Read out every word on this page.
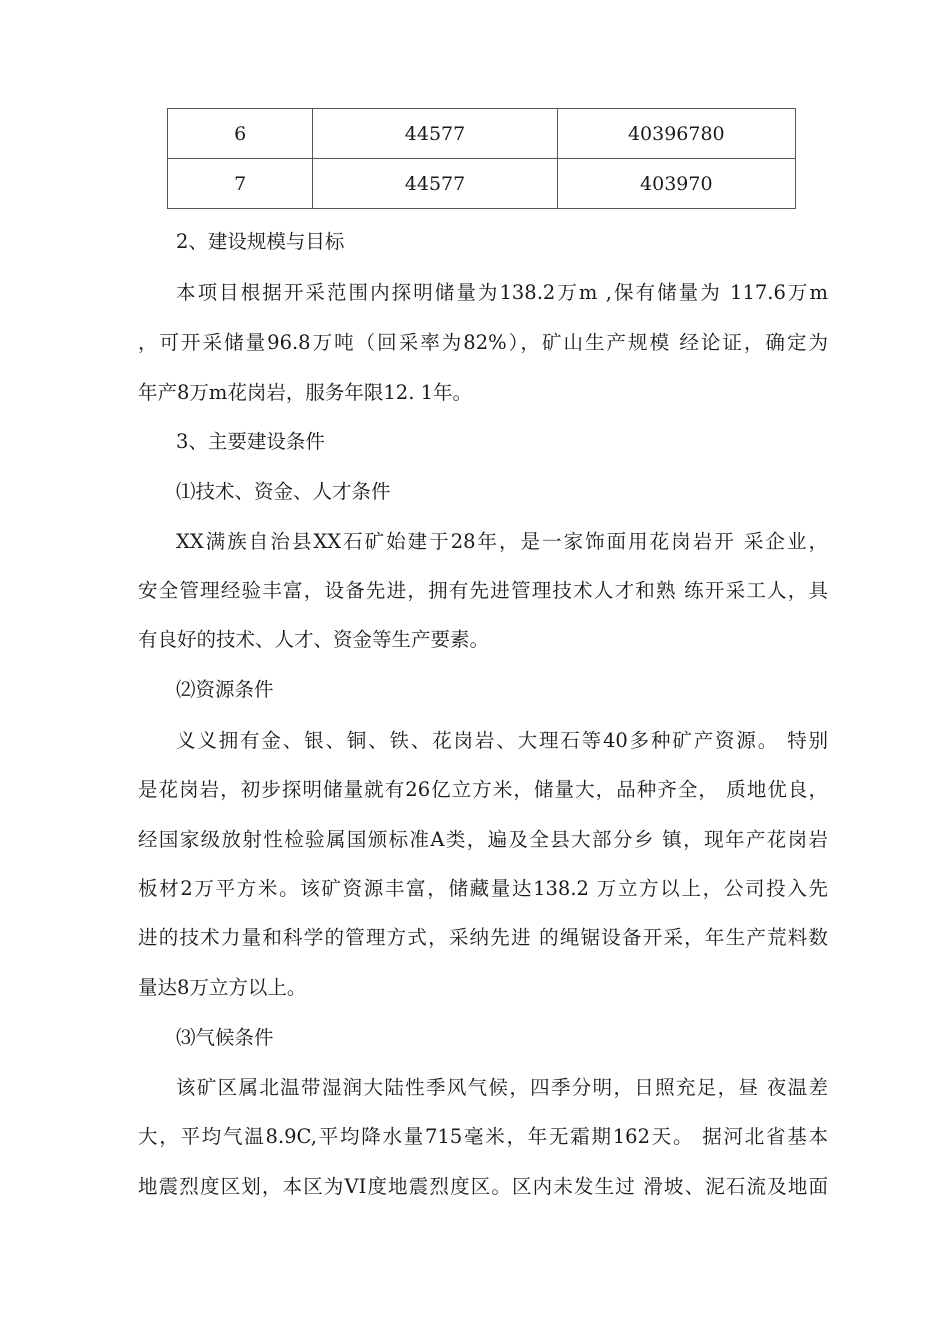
6	44577	40396780
7	44577	403970
2、建设规模与目标
本项目根据开采范围内探明储量为138.2万m ,保有储量为 117.6万m
，可开采储量96.8万吨（回采率为82%），矿山生产规模 经论证，确定为
年产8万m花岗岩，服务年限12. 1年。
3、主要建设条件
⑴技术、资金、人才条件
XX满族自治县XX石矿始建于28年，是一家饰面用花岗岩开 采企业，
安全管理经验丰富，设备先进，拥有先进管理技术人才和熟 练开采工人，具
有良好的技术、人才、资金等生产要素。
⑵资源条件
义义拥有金、银、铜、铁、花岗岩、大理石等40多种矿产资源。 特别
是花岗岩，初步探明储量就有26亿立方米，储量大，品种齐全， 质地优良，
经国家级放射性检验属国颁标准A类，遍及全县大部分乡 镇，现年产花岗岩
板材2万平方米。该矿资源丰富，储藏量达138.2 万立方以上，公司投入先
进的技术力量和科学的管理方式，采纳先进 的绳锯设备开采，年生产荒料数
量达8万立方以上。
⑶气候条件
该矿区属北温带湿润大陆性季风气候，四季分明，日照充足，昼 夜温差
大，平均气温8.9C,平均降水量715毫米，年无霜期162天。 据河北省基本
地震烈度区划，本区为VI度地震烈度区。区内未发生过 滑坡、泥石流及地面
